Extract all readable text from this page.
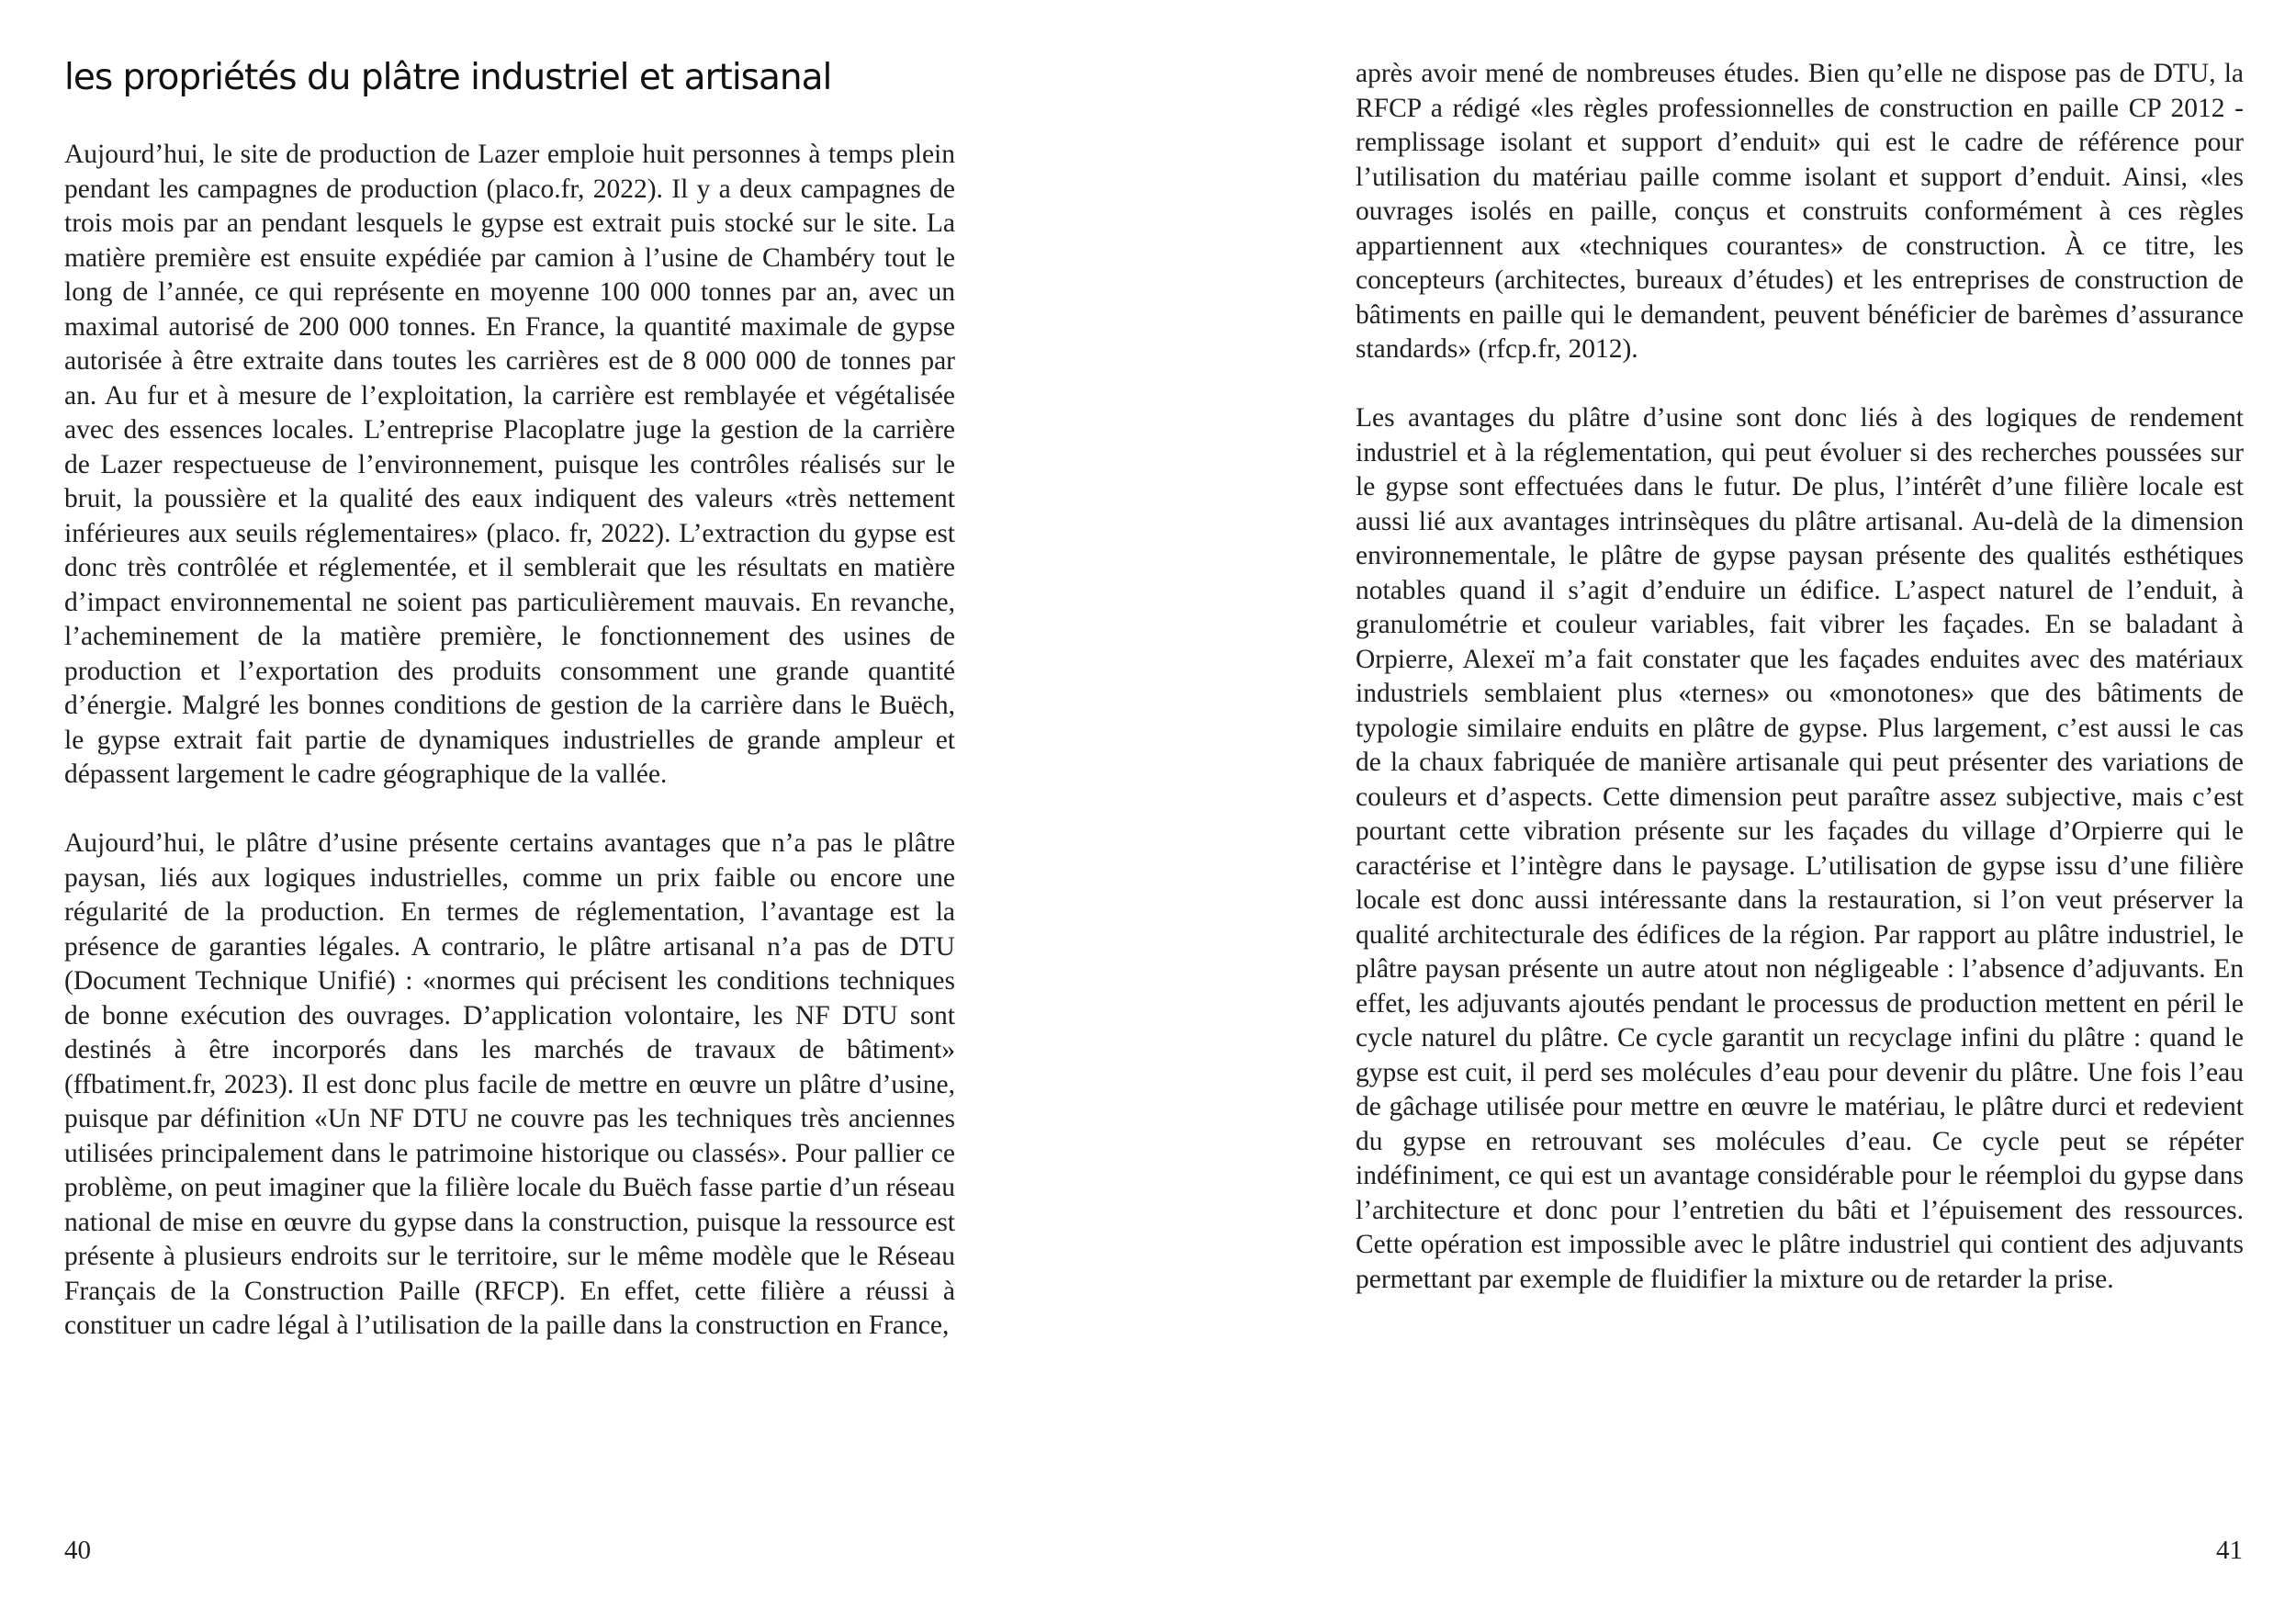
les propriétés du plâtre industriel et artisanal

Aujourd’hui, le site de production de Lazer emploie huit personnes à temps plein pendant les campagnes de production (placo.fr, 2022). Il y a deux campagnes de trois mois par an pendant lesquels le gypse est extrait puis stocké sur le site. La matière première est ensuite expédiée par camion à l’usine de Chambéry tout le long de l’année, ce qui représente en moyenne 100 000 tonnes par an, avec un maximal autorisé de 200 000 tonnes. En France, la quantité maximale de gypse autorisée à être extraite dans toutes les carrières est de 8 000 000 de tonnes par an. Au fur et à mesure de l’exploitation, la carrière est remblayée et végétalisée avec des essences locales. L’entreprise Placoplatre juge la gestion de la carrière de Lazer respectueuse de l’environnement, puisque les contrôles réalisés sur le bruit, la poussière et la qualité des eaux indiquent des valeurs «très nettement inférieures aux seuils réglementaires» (placo. fr, 2022). L’extraction du gypse est donc très contrôlée et réglementée, et il semblerait que les résultats en matière d’impact environnemental ne soient pas particulièrement mauvais. En revanche, l’acheminement de la matière première, le fonctionnement des usines de production et l’exportation des produits consomment une grande quantité d’énergie. Malgré les bonnes conditions de gestion de la carrière dans le Buëch, le gypse extrait fait partie de dynamiques industrielles de grande ampleur et dépassent largement le cadre géographique de la vallée.

Aujourd’hui, le plâtre d’usine présente certains avantages que n’a pas le plâtre paysan, liés aux logiques industrielles, comme un prix faible ou encore une régularité de la production. En termes de réglementation, l’avantage est la présence de garanties légales. A contrario, le plâtre artisanal n’a pas de DTU (Document Technique Unifié) : «normes qui précisent les conditions techniques de bonne exécution des ouvrages. D’application volontaire, les NF DTU sont destinés à être incorporés dans les marchés de travaux de bâtiment» (ffbatiment.fr, 2023). Il est donc plus facile de mettre en œuvre un plâtre d’usine, puisque par définition «Un NF DTU ne couvre pas les techniques très anciennes utilisées principalement dans le patrimoine historique ou classés». Pour pallier ce problème, on peut imaginer que la filière locale du Buëch fasse partie d’un réseau national de mise en œuvre du gypse dans la construction, puisque la ressource est présente à plusieurs endroits sur le territoire, sur le même modèle que le Réseau Français de la Construction Paille (RFCP). En effet, cette filière a réussi à constituer un cadre légal à l’utilisation de la paille dans la construction en France,

40

après avoir mené de nombreuses études. Bien qu’elle ne dispose pas de DTU, la RFCP a rédigé «les règles professionnelles de construction en paille CP 2012 - remplissage isolant et support d’enduit» qui est le cadre de référence pour l’utilisation du matériau paille comme isolant et support d’enduit. Ainsi, «les ouvrages isolés en paille, conçus et construits conformément à ces règles appartiennent aux «techniques courantes» de construction. À ce titre, les concepteurs (architectes, bureaux d’études) et les entreprises de construction de bâtiments en paille qui le demandent, peuvent bénéficier de barèmes d’assurance standards» (rfcp.fr, 2012).

Les avantages du plâtre d’usine sont donc liés à des logiques de rendement industriel et à la réglementation, qui peut évoluer si des recherches poussées sur le gypse sont effectuées dans le futur. De plus, l’intérêt d’une filière locale est aussi lié aux avantages intrinsèques du plâtre artisanal. Au-delà de la dimension environnementale, le plâtre de gypse paysan présente des qualités esthétiques notables quand il s’agit d’enduire un édifice. L’aspect naturel de l’enduit, à granulométrie et couleur variables, fait vibrer les façades. En se baladant à Orpierre, Alexeï m’a fait constater que les façades enduites avec des matériaux industriels semblaient plus «ternes» ou «monotones» que des bâtiments de typologie similaire enduits en plâtre de gypse. Plus largement, c’est aussi le cas de la chaux fabriquée de manière artisanale qui peut présenter des variations de couleurs et d’aspects. Cette dimension peut paraître assez subjective, mais c’est pourtant cette vibration présente sur les façades du village d’Orpierre qui le caractérise et l’intègre dans le paysage. L’utilisation de gypse issu d’une filière locale est donc aussi intéressante dans la restauration, si l’on veut préserver la qualité architecturale des édifices de la région. Par rapport au plâtre industriel, le plâtre paysan présente un autre atout non négligeable : l’absence d’adjuvants. En effet, les adjuvants ajoutés pendant le processus de production mettent en péril le cycle naturel du plâtre. Ce cycle garantit un recyclage infini du plâtre : quand le gypse est cuit, il perd ses molécules d’eau pour devenir du plâtre. Une fois l’eau de gâchage utilisée pour mettre en œuvre le matériau, le plâtre durci et redevient du gypse en retrouvant ses molécules d’eau. Ce cycle peut se répéter indéfiniment, ce qui est un avantage considérable pour le réemploi du gypse dans l’architecture et donc pour l’entretien du bâti et l’épuisement des ressources. Cette opération est impossible avec le plâtre industriel qui contient des adjuvants permettant par exemple de fluidifier la mixture ou de retarder la prise.

41
